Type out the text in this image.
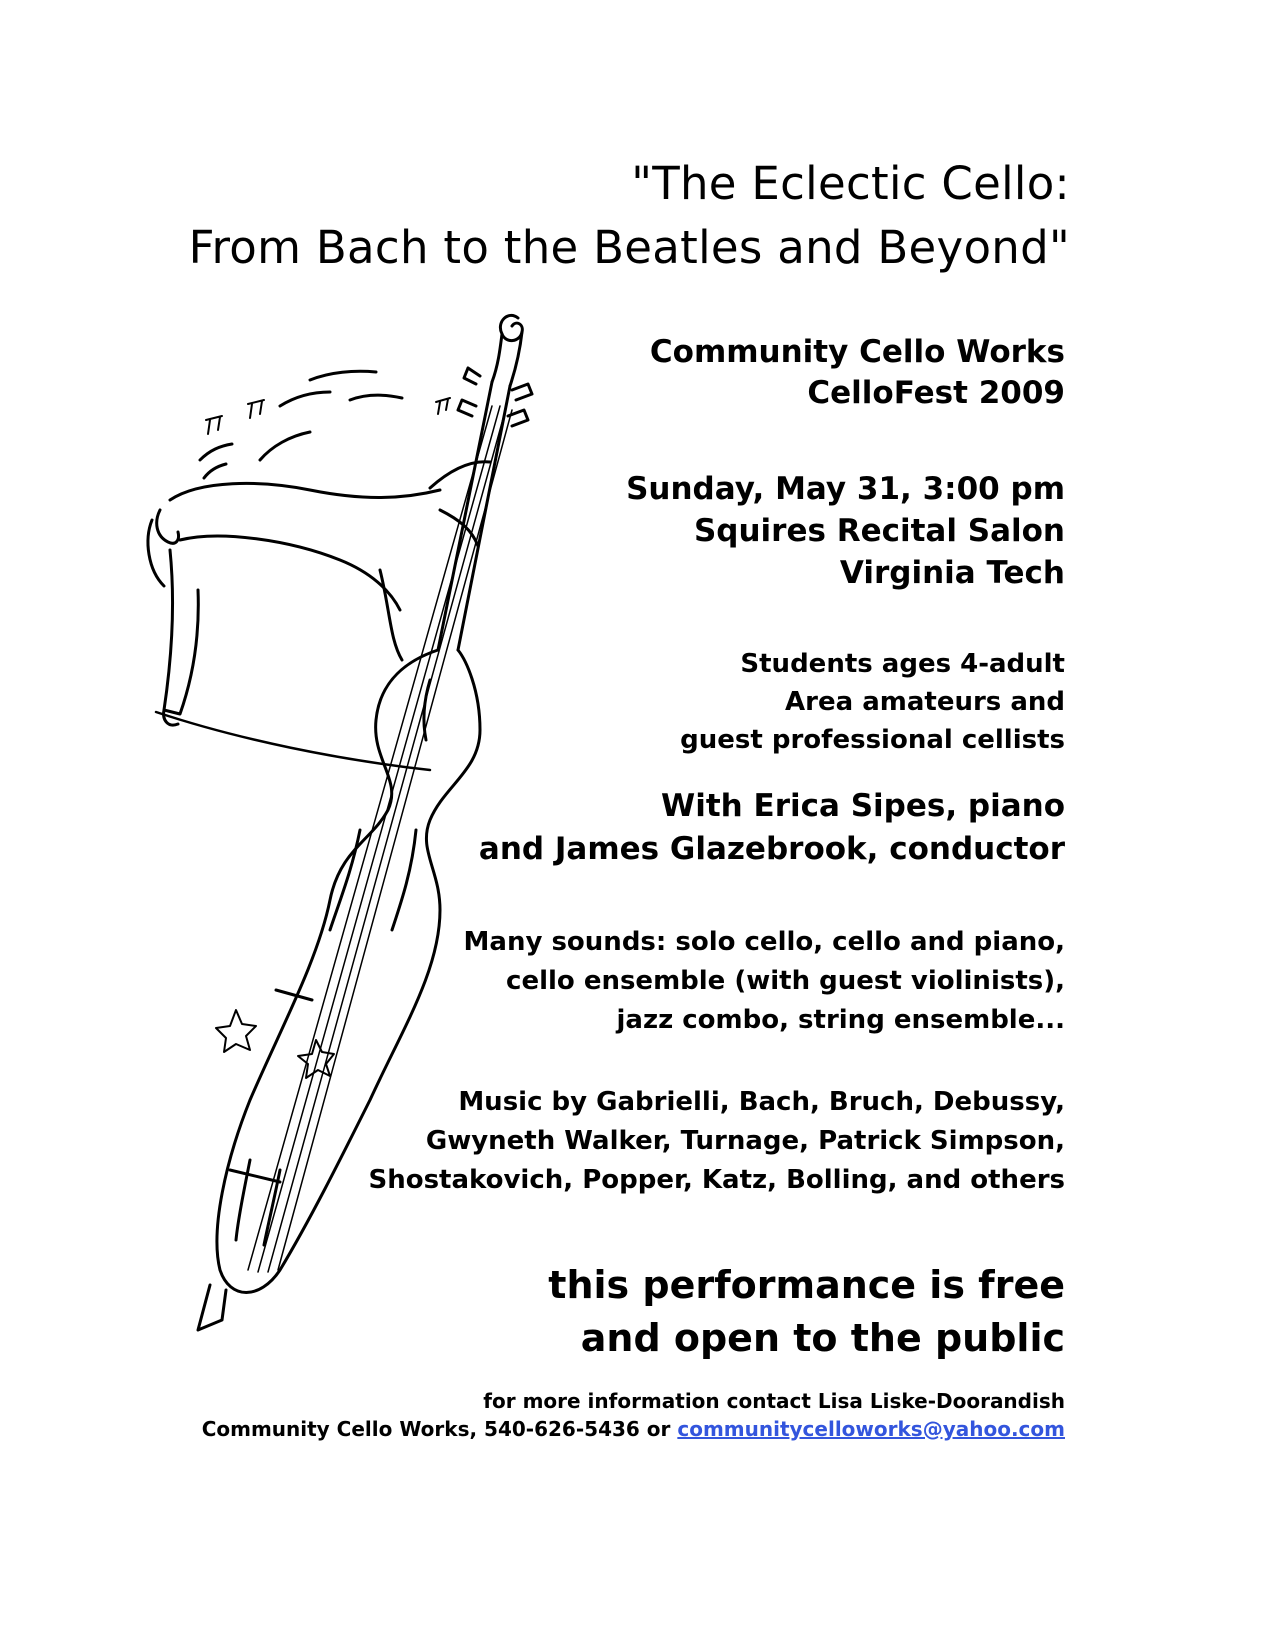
"The Eclectic Cello:
From Bach to the Beatles and Beyond"
Community Cello Works
CelloFest 2009
Sunday, May 31, 3:00 pm
Squires Recital Salon
Virginia Tech
Students ages 4-adult
Area amateurs and
guest professional cellists
With Erica Sipes, piano
and James Glazebrook, conductor
Many sounds: solo cello, cello and piano,
cello ensemble (with guest violinists),
jazz combo, string ensemble...
Music by Gabrielli, Bach, Bruch, Debussy,
Gwyneth Walker, Turnage, Patrick Simpson,
Shostakovich, Popper, Katz, Bolling, and others
this performance is free
and open to the public
for more information contact Lisa Liske-Doorandish
Community Cello Works, 540-626-5436 or communitycelloworks@yahoo.com
